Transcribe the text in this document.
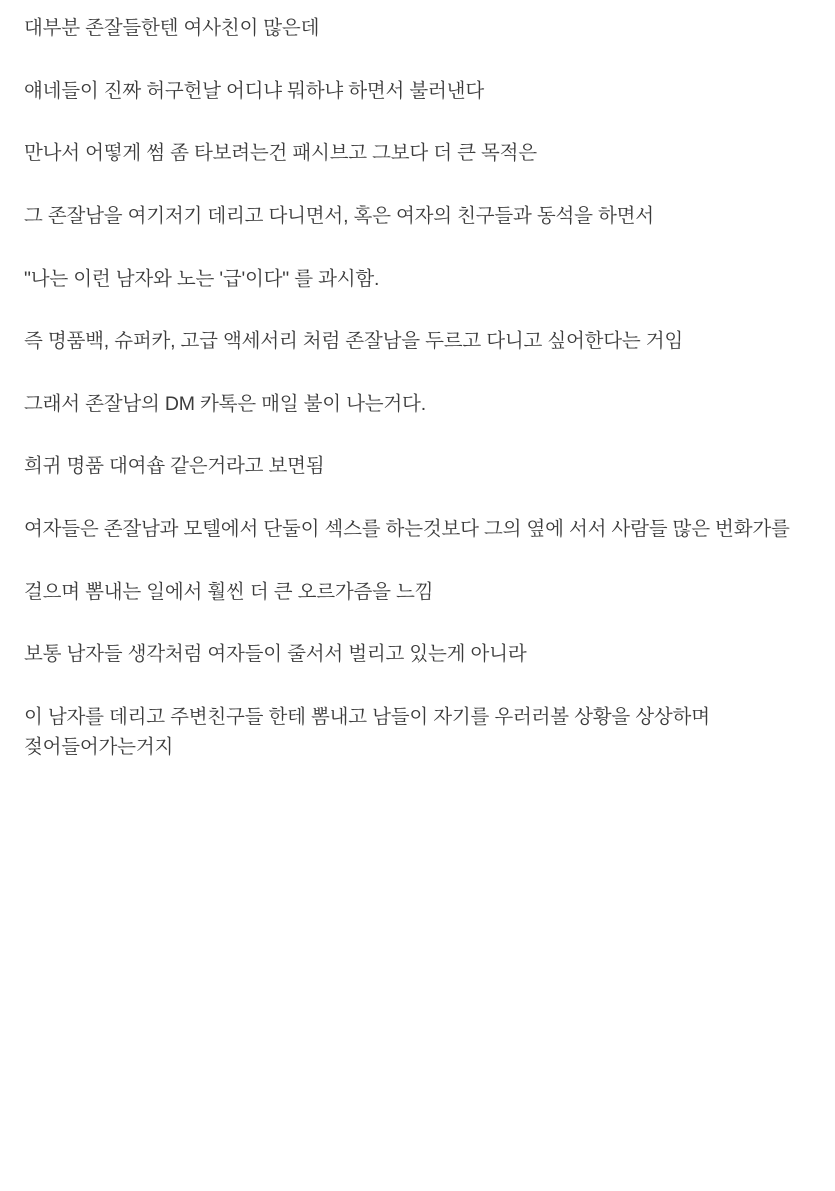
대부분 존잘들한텐 여사친이 많은데

얘네들이 진짜 허구헌날 어디냐 뭐하냐 하면서 불러낸다

만나서 어떻게 썸 좀 타보려는건 패시브고 그보다 더 큰 목적은

그 존잘남을 여기저기 데리고 다니면서, 혹은 여자의 친구들과 동석을 하면서

"나는 이런 남자와 노는 '급'이다" 를 과시함.

즉 명품백, 슈퍼카, 고급 액세서리 처럼 존잘남을 두르고 다니고 싶어한다는 거임

그래서 존잘남의 DM 카톡은 매일 불이 나는거다.

희귀 명품 대여숍 같은거라고 보면됨

여자들은 존잘남과 모텔에서 단둘이 섹스를 하는것보다 그의 옆에 서서 사람들 많은 번화가를

걸으며 뽐내는 일에서 훨씬 더 큰 오르가즘을 느낌

보통 남자들 생각처럼 여자들이 줄서서 벌리고 있는게 아니라

이 남자를 데리고 주변친구들 한테 뽐내고 남들이 자기를 우러러볼 상황을 상상하며 젖어들어가는거지
